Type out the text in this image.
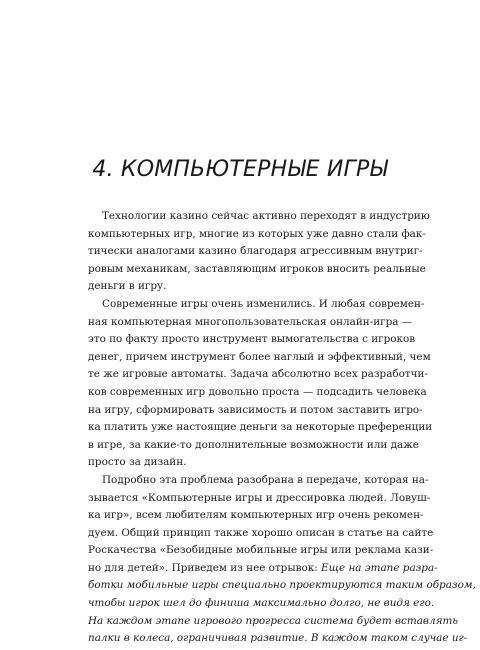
4. КОМПЬЮТЕРНЫЕ ИГРЫ
Технологии казино сейчас активно переходят в индустрию
компьютерных игр, многие из которых уже давно стали фак-
тически аналогами казино благодаря агрессивным внутриг-
ровым механикам, заставляющим игроков вносить реальные
деньги в игру.
Современные игры очень изменились. И любая современ-
ная компьютерная многопользовательская онлайн-игра —
это по факту просто инструмент вымогательства с игроков
денег, причем инструмент более наглый и эффективный, чем
те же игровые автоматы. Задача абсолютно всех разработчи-
ков современных игр довольно проста — подсадить человека
на игру, сформировать зависимость и потом заставить игро-
ка платить уже настоящие деньги за некоторые преференции
в игре, за какие-то дополнительные возможности или даже
просто за дизайн.
Подробно эта проблема разобрана в передаче, которая на-
зывается «Компьютерные игры и дрессировка людей. Ловуш-
ка игр», всем любителям компьютерных игр очень рекомен-
дуем. Общий принцип также хорошо описан в статье на сайте
Роскачества «Безобидные мобильные игры или реклама кази-
но для детей». Приведем из нее отрывок: Еще на этапе разра-
ботки мобильные игры специально проектируются таким образом,
чтобы игрок шел до финиша максимально долго, не видя его.
На каждом этапе игрового прогресса система будет вставлять
палки в колеса, ограничивая развитие. В каждом таком случае иг-
